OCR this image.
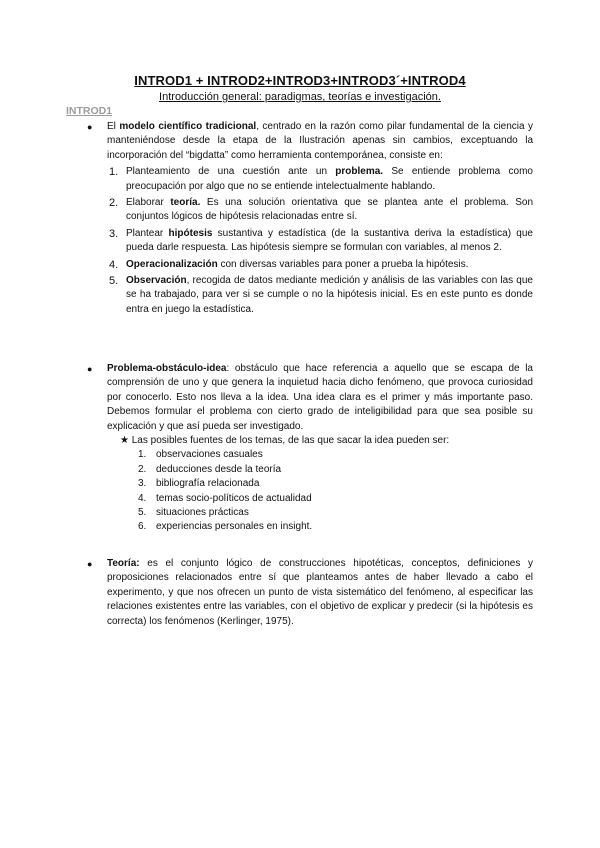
INTROD1 + INTROD2+INTROD3+INTROD3´+INTROD4
Introducción general: paradigmas, teorías e investigación.
INTROD1
● El modelo científico tradicional, centrado en la razón como pilar fundamental de la ciencia y manteniéndose desde la etapa de la Ilustración apenas sin cambios, exceptuando la incorporación del “bigdatta” como herramienta contemporánea, consiste en:
1. Planteamiento de una cuestión ante un problema. Se entiende problema como preocupación por algo que no se entiende intelectualmente hablando.
2. Elaborar teoría. Es una solución orientativa que se plantea ante el problema. Son conjuntos lógicos de hipótesis relacionadas entre sí.
3. Plantear hipótesis sustantiva y estadística (de la sustantiva deriva la estadística) que pueda darle respuesta. Las hipótesis siempre se formulan con variables, al menos 2.
4. Operacionalización con diversas variables para poner a prueba la hipótesis.
5. Observación, recogida de datos mediante medición y análisis de las variables con las que se ha trabajado, para ver si se cumple o no la hipótesis inicial. Es en este punto es donde entra en juego la estadística.
● Problema-obstáculo-idea: obstáculo que hace referencia a aquello que se escapa de la comprensión de uno y que genera la inquietud hacia dicho fenómeno, que provoca curiosidad por conocerlo. Esto nos lleva a la idea. Una idea clara es el primer y más importante paso. Debemos formular el problema con cierto grado de inteligibilidad para que sea posible su explicación y que así pueda ser investigado.
★ Las posibles fuentes de los temas, de las que sacar la idea pueden ser:
1. observaciones casuales
2. deducciones desde la teoría
3. bibliografía relacionada
4. temas socio-políticos de actualidad
5. situaciones prácticas
6. experiencias personales en insight.
● Teoría: es el conjunto lógico de construcciones hipotéticas, conceptos, definiciones y proposiciones relacionados entre sí que planteamos antes de haber llevado a cabo el experimento, y que nos ofrecen un punto de vista sistemático del fenómeno, al especificar las relaciones existentes entre las variables, con el objetivo de explicar y predecir (si la hipótesis es correcta) los fenómenos (Kerlinger, 1975).
